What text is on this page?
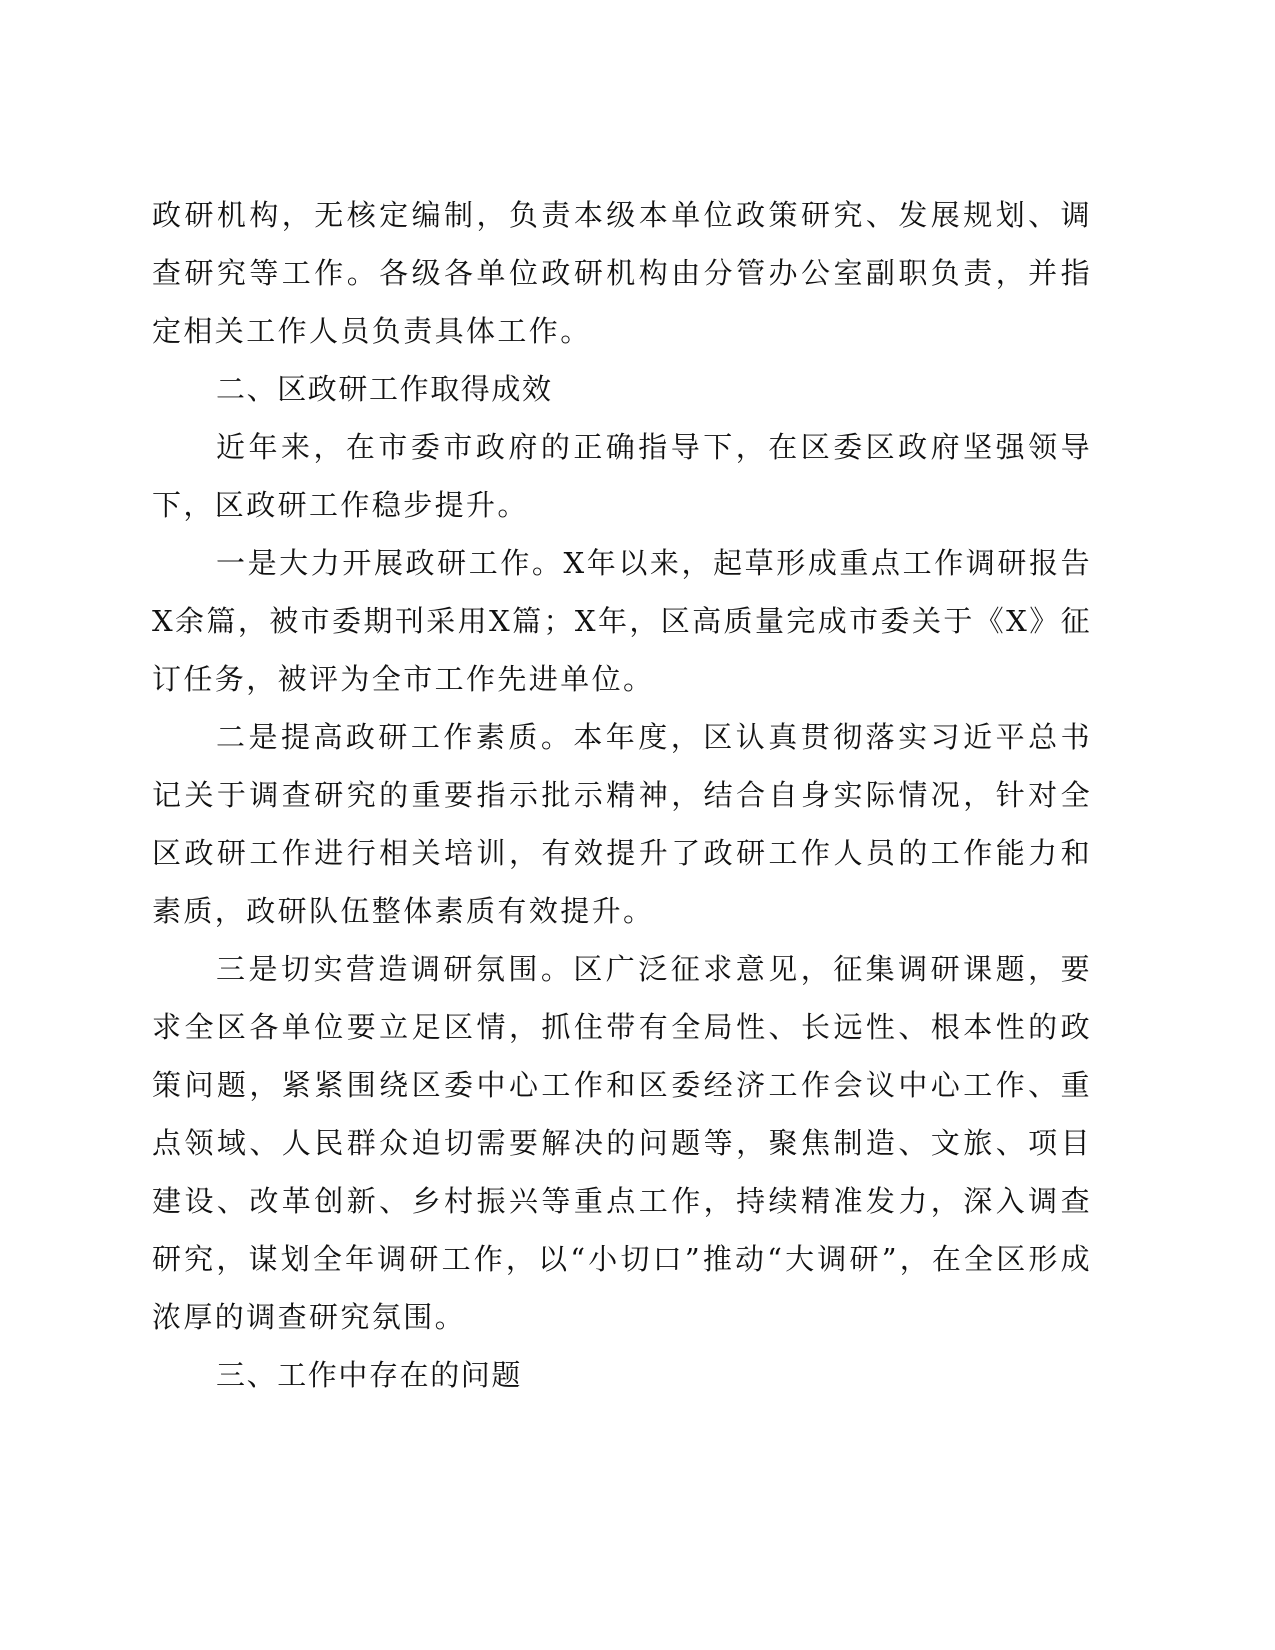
政研机构，无核定编制，负责本级本单位政策研究、发展规划、调查研究等工作。各级各单位政研机构由分管办公室副职负责，并指定相关工作人员负责具体工作。

二、区政研工作取得成效

近年来，在市委市政府的正确指导下，在区委区政府坚强领导下，区政研工作稳步提升。

一是大力开展政研工作。X年以来，起草形成重点工作调研报告X余篇，被市委期刊采用X篇；X年，区高质量完成市委关于《X》征订任务，被评为全市工作先进单位。

二是提高政研工作素质。本年度，区认真贯彻落实习近平总书记关于调查研究的重要指示批示精神，结合自身实际情况，针对全区政研工作进行相关培训，有效提升了政研工作人员的工作能力和素质，政研队伍整体素质有效提升。

三是切实营造调研氛围。区广泛征求意见，征集调研课题，要求全区各单位要立足区情，抓住带有全局性、长远性、根本性的政策问题，紧紧围绕区委中心工作和区委经济工作会议中心工作、重点领域、人民群众迫切需要解决的问题等，聚焦制造、文旅、项目建设、改革创新、乡村振兴等重点工作，持续精准发力，深入调查研究，谋划全年调研工作，以“小切口”推动“大调研”，在全区形成浓厚的调查研究氛围。

三、工作中存在的问题
